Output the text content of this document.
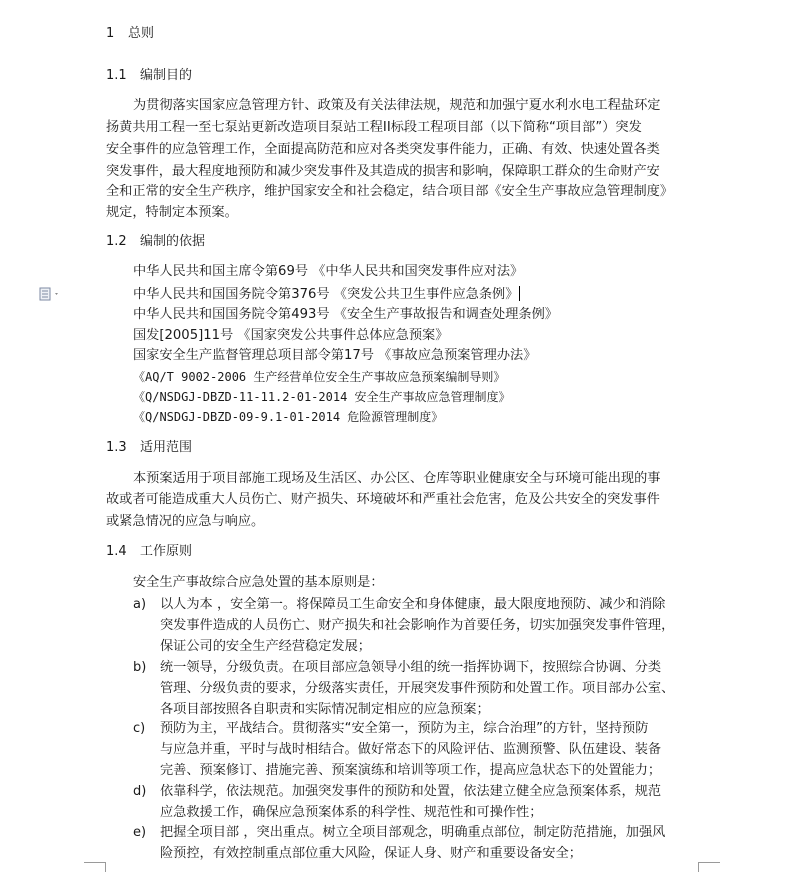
1 总则
1.1 编制目的
为贯彻落实国家应急管理方针、政策及有关法律法规，规范和加强宁夏水利水电工程盐环定
扬黄共用工程一至七泵站更新改造项目泵站工程II标段工程项目部（以下简称“项目部”）突发
安全事件的应急管理工作，全面提高防范和应对各类突发事件能力，正确、有效、快速处置各类
突发事件，最大程度地预防和减少突发事件及其造成的损害和影响，保障职工群众的生命财产安
全和正常的安全生产秩序，维护国家安全和社会稳定，结合项目部《安全生产事故应急管理制度》
规定，特制定本预案。
1.2 编制的依据
中华人民共和国主席令第69号 《中华人民共和国突发事件应对法》
中华人民共和国国务院令第376号 《突发公共卫生事件应急条例》
中华人民共和国国务院令第493号 《安全生产事故报告和调查处理条例》
国发[2005]11号 《国家突发公共事件总体应急预案》
国家安全生产监督管理总项目部令第17号 《事故应急预案管理办法》
《AQ/T 9002-2006 生产经营单位安全生产事故应急预案编制导则》
《Q/NSDGJ-DBZD-11-11.2-01-2014 安全生产事故应急管理制度》
《Q/NSDGJ-DBZD-09-9.1-01-2014 危险源管理制度》
1.3 适用范围
本预案适用于项目部施工现场及生活区、办公区、仓库等职业健康安全与环境可能出现的事
故或者可能造成重大人员伤亡、财产损失、环境破坏和严重社会危害，危及公共安全的突发事件
或紧急情况的应急与响应。
1.4 工作原则
安全生产事故综合应急处置的基本原则是：
a) 以人为本 ，安全第一。将保障员工生命安全和身体健康，最大限度地预防、减少和消除
突发事件造成的人员伤亡、财产损失和社会影响作为首要任务，切实加强突发事件管理，
保证公司的安全生产经营稳定发展；
b) 统一领导，分级负责。在项目部应急领导小组的统一指挥协调下，按照综合协调、分类
管理、分级负责的要求，分级落实责任，开展突发事件预防和处置工作。项目部办公室、
各项目部按照各自职责和实际情况制定相应的应急预案；
c) 预防为主，平战结合。贯彻落实“安全第一，预防为主，综合治理”的方针，坚持预防
与应急并重，平时与战时相结合。做好常态下的风险评估、监测预警、队伍建设、装备
完善、预案修订、措施完善、预案演练和培训等项工作，提高应急状态下的处置能力；
d) 依靠科学，依法规范。加强突发事件的预防和处置，依法建立健全应急预案体系，规范
应急救援工作，确保应急预案体系的科学性、规范性和可操作性；
e) 把握全项目部 ，突出重点。树立全项目部观念，明确重点部位，制定防范措施，加强风
险预控，有效控制重点部位重大风险，保证人身、财产和重要设备安全；
